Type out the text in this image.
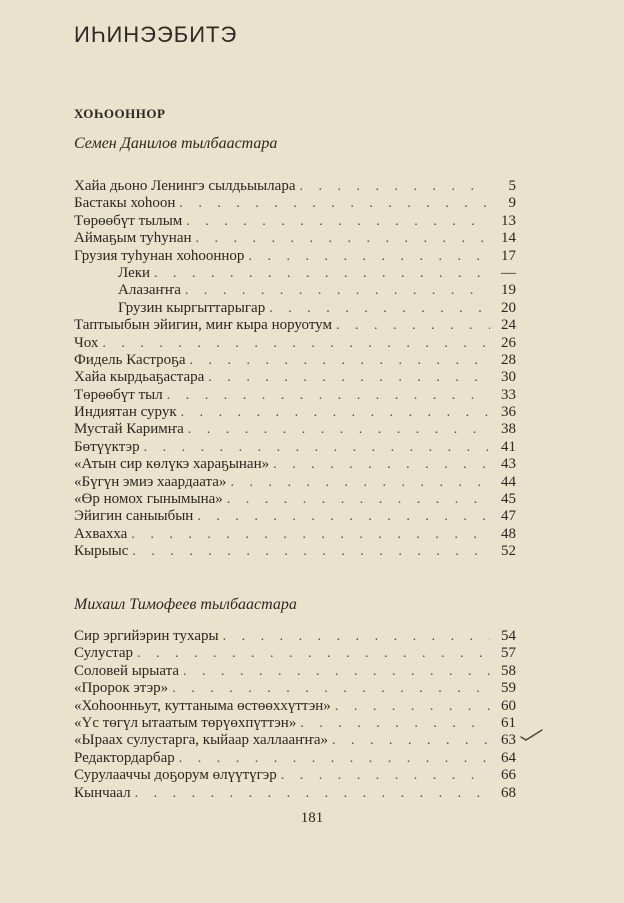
ИҺИНЭЭБИТЭ
ХОҺООННОР
Семен Данилов тылбаастара
Хайа дьоно Ленингэ сылдьыылара . . .	5
Бастакы хоһоон . . .	9
Төрөөбүт тылым . . .	13
Аймаҕым туһунан . . .	14
Грузия туһунан хоһооннор . . .	17
Леки . . .	—
Алазаҥҥа . . .	19
Грузин кыргыттарыгар . . .	20
Таптыыбын эйигин, миҥ кыра норуотум . . .	24
Чох . . .	26
Фидель Кастроҕа . . .	28
Хайа кырдьаҕастара . . .	30
Төрөөбүт тыл . . .	33
Индиятан сурук . . .	36
Мустай Каримҥа . . .	38
Бөтүүктэр . . .	41
«Атын сир көлүкэ хараҕынан» . . .	43
«Бүгүн эмиэ хаардаата» . . .	44
«Өр номох гынымына» . . .	45
Эйигин саныыбын . . .	47
Ахвахха . . .	48
Кырыыс . . .	52
Михаил Тимофеев тылбаастара
Сир эргийэрин тухары . . .	54
Сулустар . . .	57
Соловей ырыата . . .	58
«Пророк этэр» . . .	59
«Хоһоонньут, куттаныма өстөөххүттэн» . . .	60
«Үс төгүл ытаатым төрүөхпүттэн» . . .	61
«Ыраах сулустарга, кыйаар халлааҥҥа» . . .	63
Редактордарбар . . .	64
Сурулааччы доҕорум өлүүтүгэр . . .	66
Кынчаал . . .	68
181
